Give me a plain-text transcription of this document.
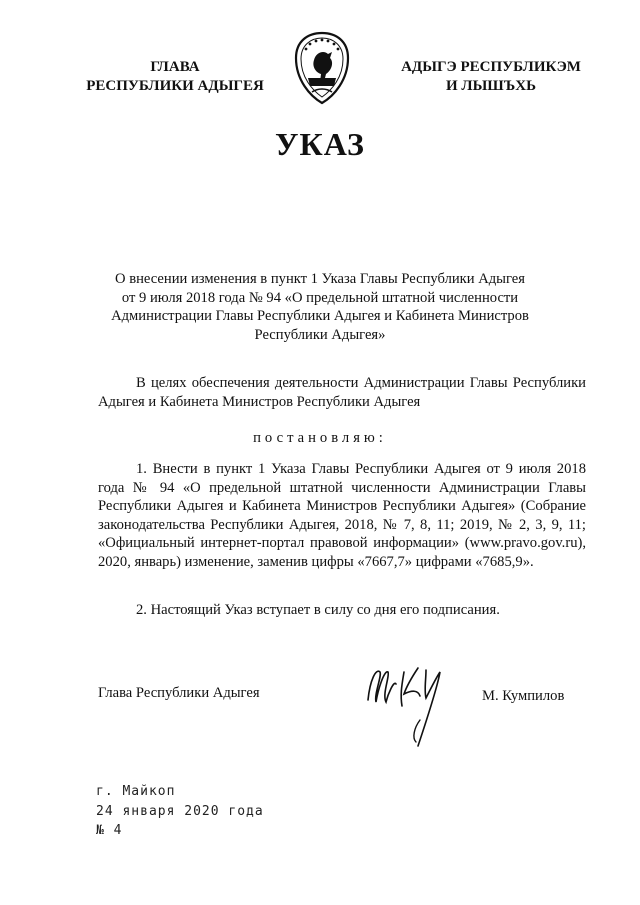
ГЛАВА
РЕСПУБЛИКИ АДЫГЕЯ
АДЫГЭ РЕСПУБЛИКЭМ
И ЛЫШЪХЬ
УКАЗ
О внесении изменения в пункт 1 Указа Главы Республики Адыгея от 9 июля 2018 года № 94 «О предельной штатной численности Администрации Главы Республики Адыгея и Кабинета Министров Республики Адыгея»
В целях обеспечения деятельности Администрации Главы Республики Адыгея и Кабинета Министров Республики Адыгея
постановляю:
1. Внести в пункт 1 Указа Главы Республики Адыгея от 9 июля 2018 года № 94 «О предельной штатной численности Администрации Главы Республики Адыгея и Кабинета Министров Республики Адыгея» (Собрание законодательства Республики Адыгея, 2018, № 7, 8, 11; 2019, № 2, 3, 9, 11; «Официальный интернет-портал правовой информации» (www.pravo.gov.ru), 2020, январь) изменение, заменив цифры «7667,7» цифрами «7685,9».
2. Настоящий Указ вступает в силу со дня его подписания.
Глава Республики Адыгея	М. Кумпилов
г. Майкоп
24 января 2020 года
№ 4
